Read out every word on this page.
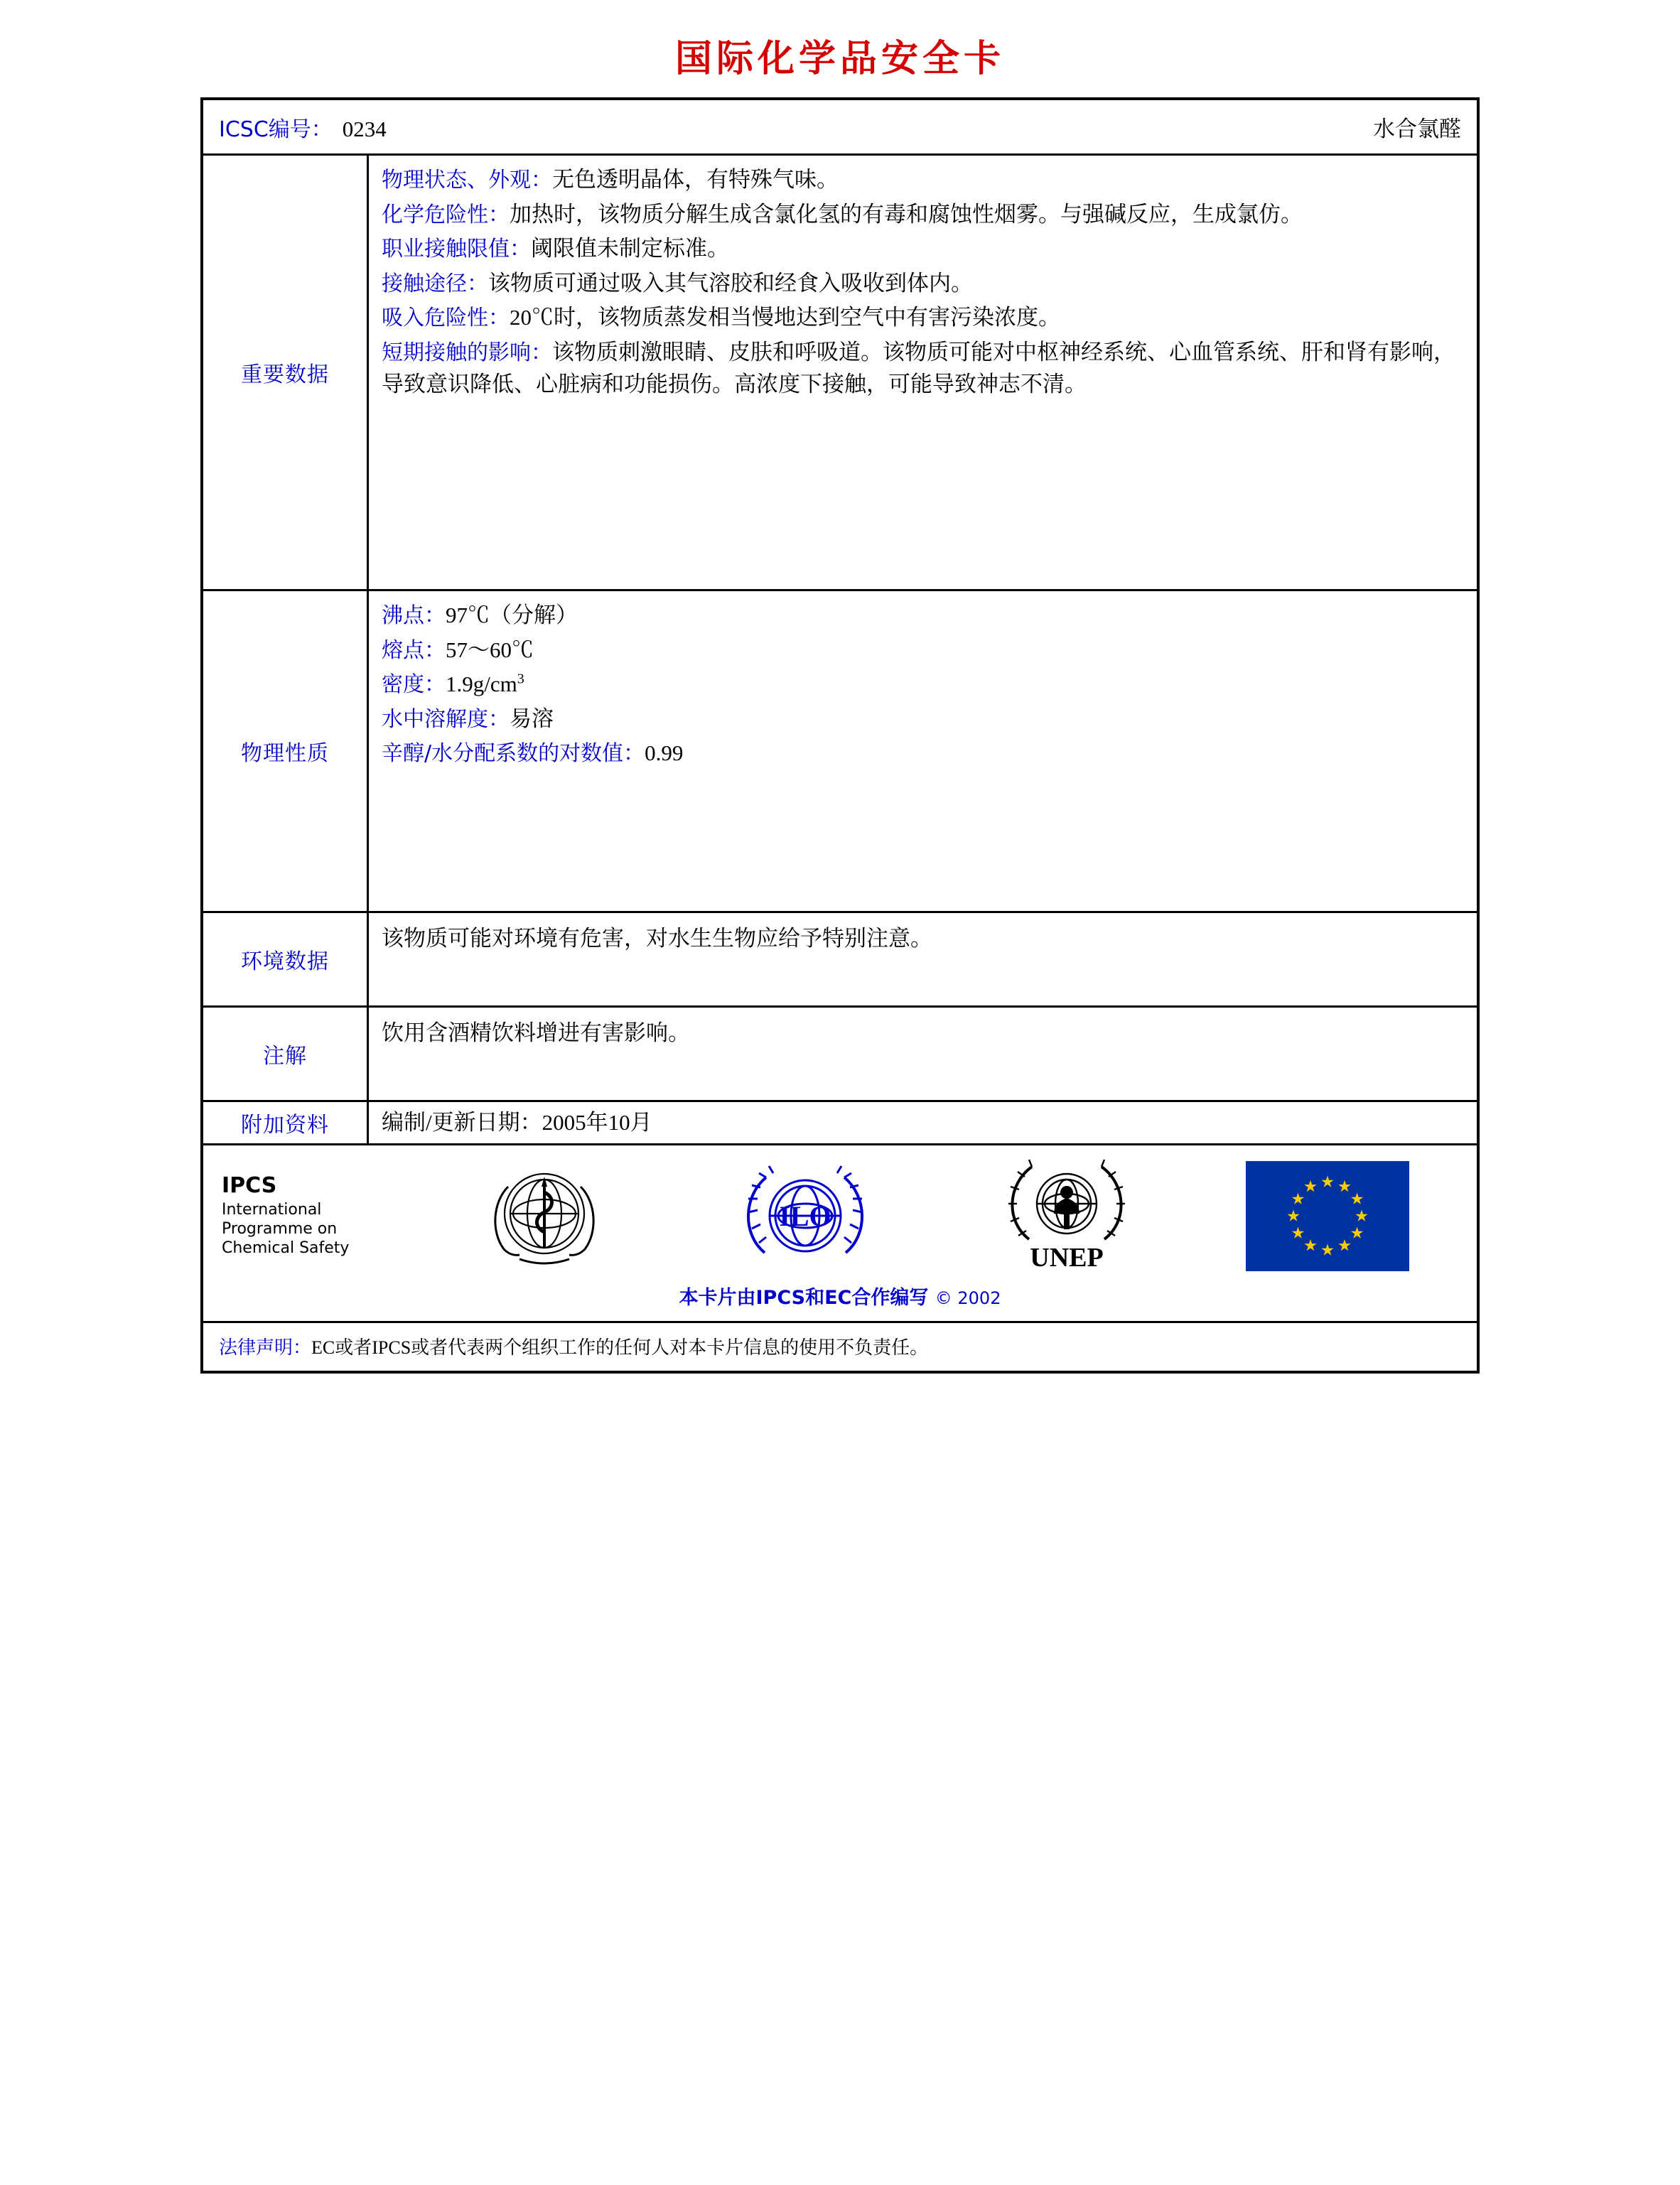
国际化学品安全卡
ICSC编号： 0234	水合氯醛
重要数据

物理状态、外观：无色透明晶体，有特殊气味。

化学危险性：加热时，该物质分解生成含氯化氢的有毒和腐蚀性烟雾。与强碱反应，生成氯仿。

职业接触限值：阈限值未制定标准。

接触途径：该物质可通过吸入其气溶胶和经食入吸收到体内。

吸入危险性：20℃时，该物质蒸发相当慢地达到空气中有害污染浓度。

短期接触的影响：该物质刺激眼睛、皮肤和呼吸道。该物质可能对中枢神经系统、心血管系统、肝和肾有影响，导致意识降低、心脏病和功能损伤。高浓度下接触，可能导致神志不清。

物理性质

沸点：97℃（分解）

熔点：57～60℃

密度：$1.9g/cm^3$

水中溶解度：易溶

辛醇/水分配系数的对数值：0.99

环境数据

该物质可能对环境有危害，对水生生物应给予特别注意。

注解

饮用含酒精饮料增进有害影响。

附加资料	编制/更新日期：2005年10月
IPCS
International
Programme on
Chemical Safety
ILO
UNEP
本卡片由IPCS和EC合作编写 © 2002
法律声明：EC或者IPCS或者代表两个组织工作的任何人对本卡片信息的使用不负责任。
